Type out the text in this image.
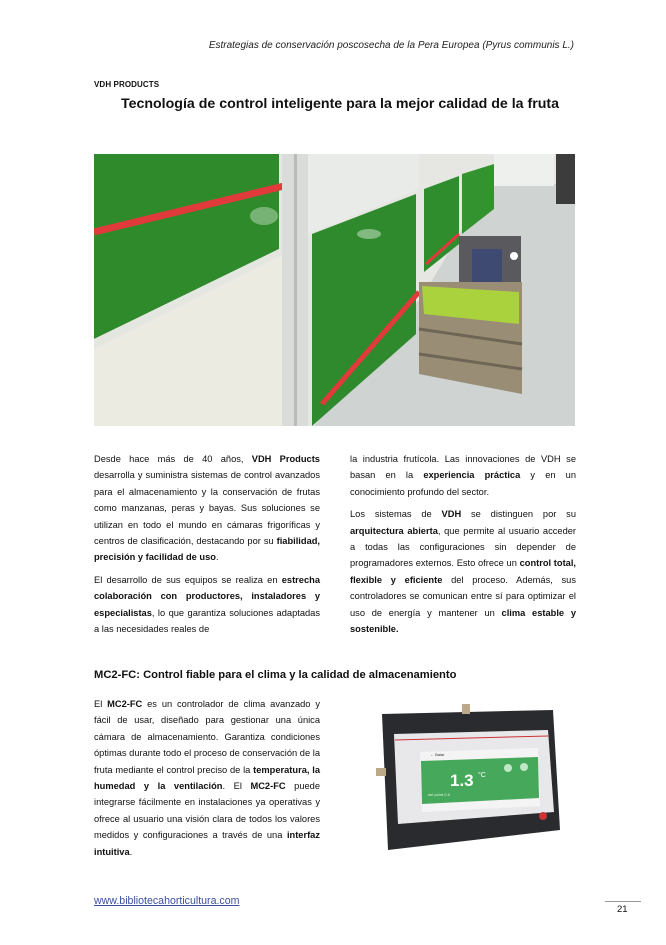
Estrategias de conservación poscosecha de la Pera Europea (Pyrus communis L.)
VDH PRODUCTS
Tecnología de control inteligente para la mejor calidad de la fruta

Desde hace más de 40 años, VDH Products desarrolla y suministra sistemas de control avanzados para el almacenamiento y la conservación de frutas como manzanas, peras y bayas. Sus soluciones se utilizan en todo el mundo en cámaras frigoríficas y centros de clasificación, destacando por su fiabilidad, precisión y facilidad de uso.

El desarrollo de sus equipos se realiza en estrecha colaboración con productores, instaladores y especialistas, lo que garantiza soluciones adaptadas a las necesidades reales de

la industria frutícola. Las innovaciones de VDH se basan en la experiencia práctica y en un conocimiento profundo del sector.

Los sistemas de VDH se distinguen por su arquitectura abierta, que permite al usuario acceder a todas las configuraciones sin depender de programadores externos. Esto ofrece un control total, flexible y eficiente del proceso. Además, sus controladores se comunican entre sí para optimizar el uso de energía y mantener un clima estable y sostenible.

MC2-FC: Control fiable para el clima y la calidad de almacenamiento

El MC2-FC es un controlador de clima avanzado y fácil de usar, diseñado para gestionar una única cámara de almacenamiento. Garantiza condiciones óptimas durante todo el proceso de conservación de la fruta mediante el control preciso de la temperatura, la humedad y la ventilación. El MC2-FC puede integrarse fácilmente en instalaciones ya operativas y ofrece al usuario una visión clara de todos los valores medidos y configuraciones a través de una interfaz intuitiva.

1.3 °C
set point 0.8
← Balar
www.bibliotecahorticultura.com
21
